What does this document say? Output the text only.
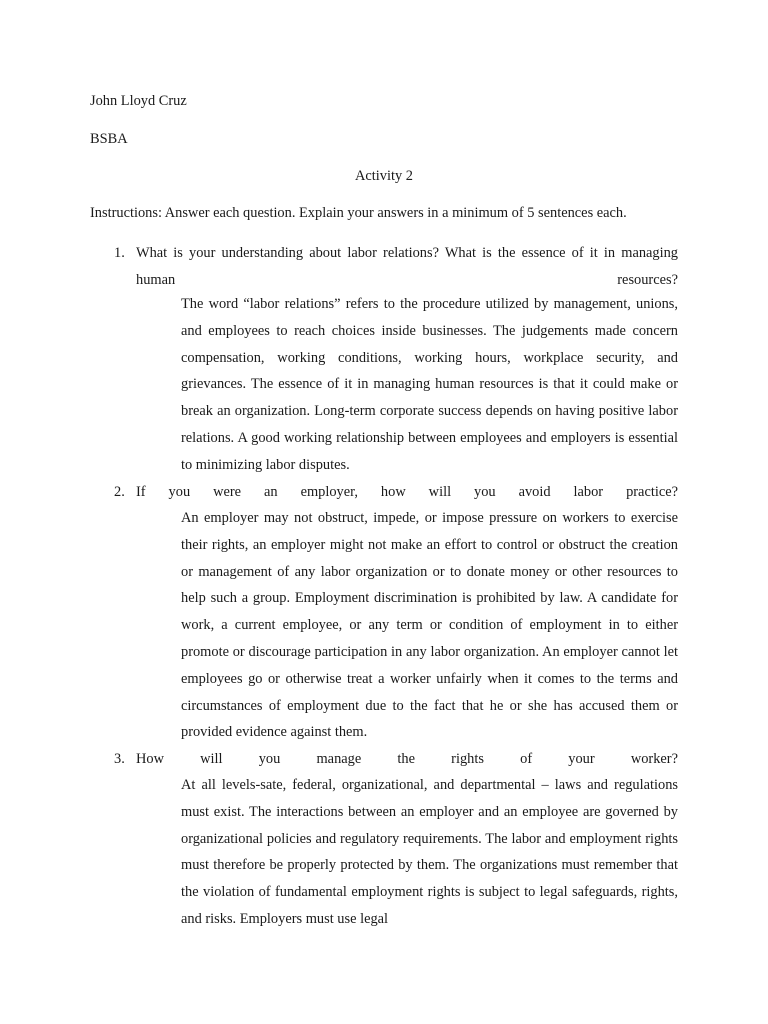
John Lloyd Cruz
BSBA
Activity 2
Instructions: Answer each question. Explain your answers in a minimum of 5 sentences each.
1. What is your understanding about labor relations? What is the essence of it in managing human resources?
The word “labor relations” refers to the procedure utilized by management, unions, and employees to reach choices inside businesses. The judgements made concern compensation, working conditions, working hours, workplace security, and grievances. The essence of it in managing human resources is that it could make or break an organization. Long-term corporate success depends on having positive labor relations. A good working relationship between employees and employers is essential to minimizing labor disputes.
2. If you were an employer, how will you avoid labor practice?
An employer may not obstruct, impede, or impose pressure on workers to exercise their rights, an employer might not make an effort to control or obstruct the creation or management of any labor organization or to donate money or other resources to help such a group. Employment discrimination is prohibited by law. A candidate for work, a current employee, or any term or condition of employment in to either promote or discourage participation in any labor organization. An employer cannot let employees go or otherwise treat a worker unfairly when it comes to the terms and circumstances of employment due to the fact that he or she has accused them or provided evidence against them.
3. How will you manage the rights of your worker?
At all levels-sate, federal, organizational, and departmental – laws and regulations must exist. The interactions between an employer and an employee are governed by organizational policies and regulatory requirements. The labor and employment rights must therefore be properly protected by them. The organizations must remember that the violation of fundamental employment rights is subject to legal safeguards, rights, and risks. Employers must use legal
